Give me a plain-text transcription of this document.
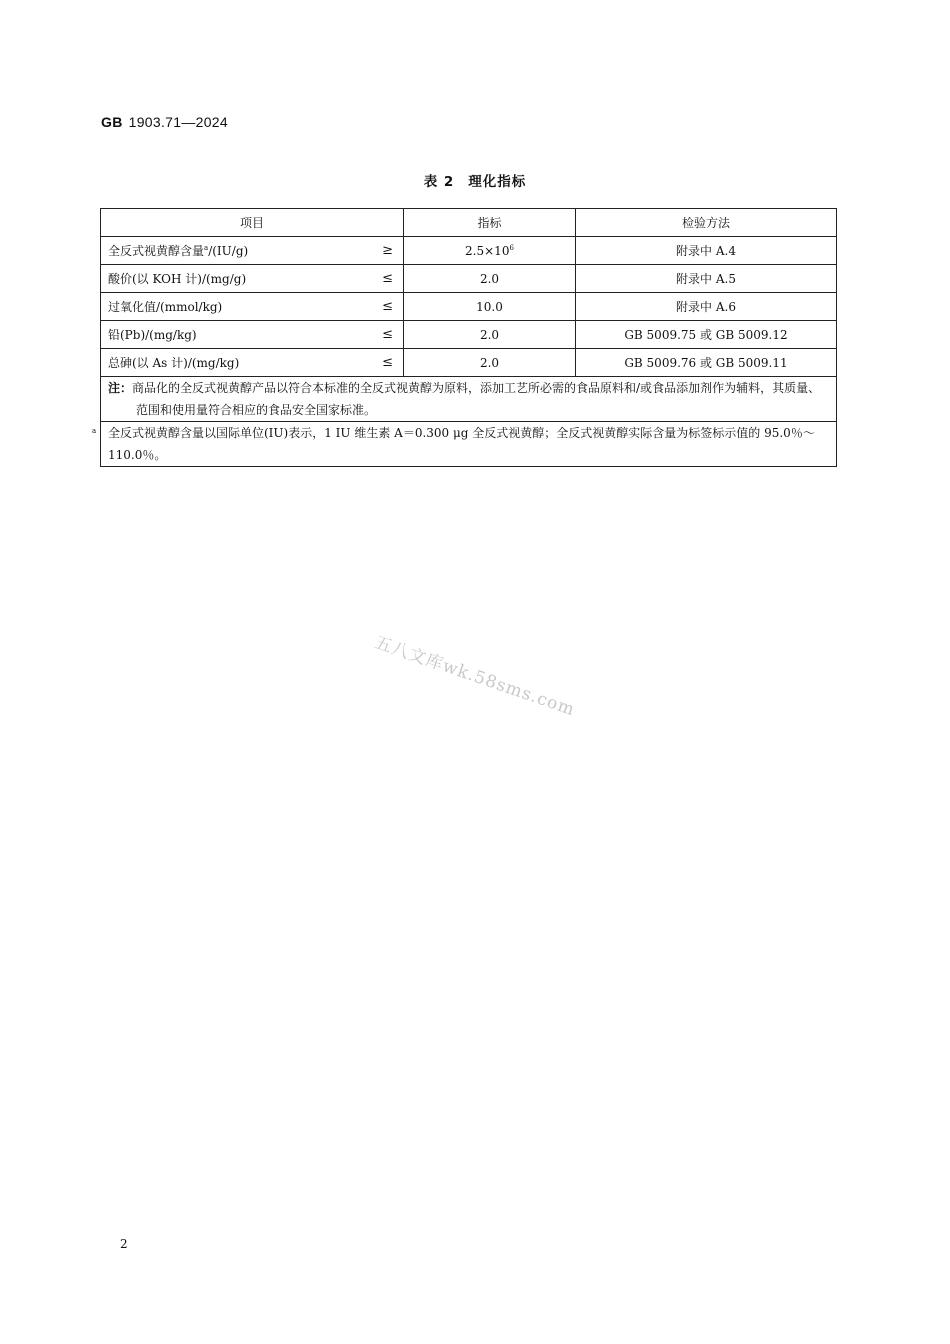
GB 1903.71—2024
表 2 理化指标
项目	指标	检验方法

全反式视黄醇含量$^a$/(IU/g) ≥	$2.5\times 10^6$	附录中 A.4

酸价(以 KOH 计)/(mg/g) ≤	2.0	附录中 A.5

过氧化值/(mmol/kg) ≤	10.0	附录中 A.6

铅(Pb)/(mg/kg) ≤	2.0	GB 5009.75 或 GB 5009.12

总砷(以 As 计)/(mg/kg) ≤	2.0	GB 5009.76 或 GB 5009.11

注：商品化的全反式视黄醇产品以符合本标准的全反式视黄醇为原料，添加工艺所必需的食品原料和/或食品添加剂作为辅料，其质量、范围和使用量符合相应的食品安全国家标准。		

a 全反式视黄醇含量以国际单位(IU)表示，1 IU 维生素 A＝0.300 μg 全反式视黄醇；全反式视黄醇实际含量为标签标示值的 95.0％～110.0％。		
五八文库wk.58sms.com
2
